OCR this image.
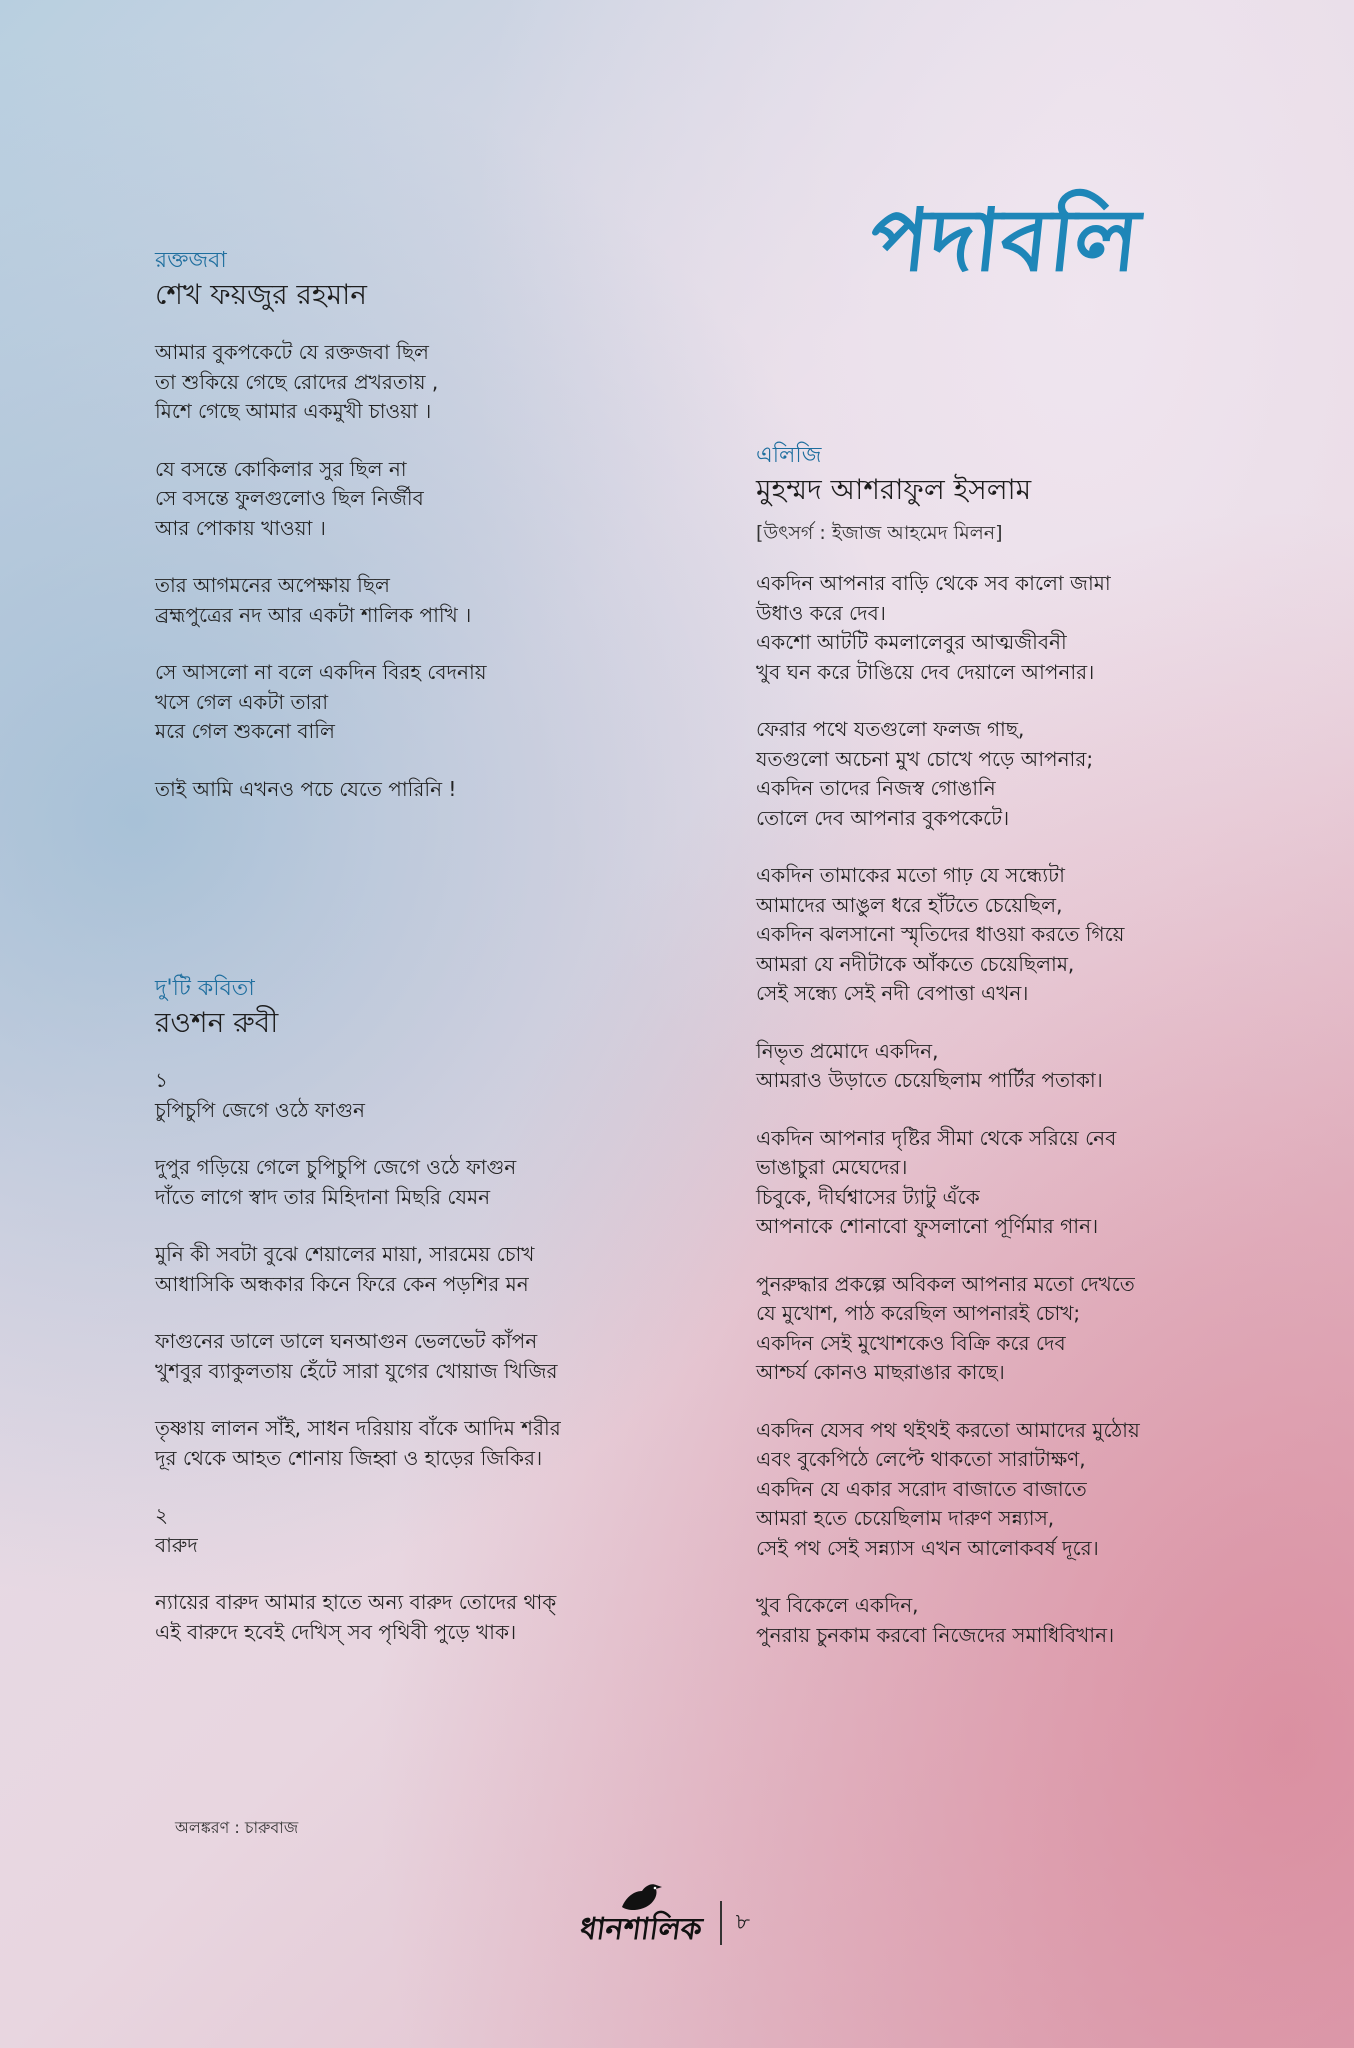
পদাবলি
রক্তজবা
শেখ ফয়জুর রহমান
আমার বুকপকেটে যে রক্তজবা ছিল
তা শুকিয়ে গেছে রোদের প্রখরতায় ,
মিশে গেছে আমার একমুখী চাওয়া ।
যে বসন্তে কোকিলার সুর ছিল না
সে বসন্তে ফুলগুলোও ছিল নির্জীব
আর পোকায় খাওয়া ।
তার আগমনের অপেক্ষায় ছিল
ব্রহ্মপুত্রের নদ আর একটা শালিক পাখি ।
সে আসলো না বলে একদিন বিরহ বেদনায়
খসে গেল একটা তারা
মরে গেল শুকনো বালি
তাই আমি এখনও পচে যেতে পারিনি !
দু'টি কবিতা
রওশন রুবী
১
চুপিচুপি জেগে ওঠে ফাগুন
দুপুর গড়িয়ে গেলে চুপিচুপি জেগে ওঠে ফাগুন
দাঁতে লাগে স্বাদ তার মিহিদানা মিছরি যেমন
মুনি কী সবটা বুঝে শেয়ালের মায়া, সারমেয় চোখ
আধাসিকি অন্ধকার কিনে ফিরে কেন পড়শির মন
ফাগুনের ডালে ডালে ঘনআগুন ভেলভেট কাঁপন
খুশবুর ব্যাকুলতায় হেঁটে সারা যুগের খোয়াজ খিজির
তৃষ্ণায় লালন সাঁই, সাধন দরিয়ায় বাঁকে আদিম শরীর
দূর থেকে আহত শোনায় জিহ্বা ও হাড়ের জিকির।
২
বারুদ
ন্যায়ের বারুদ আমার হাতে অন্য বারুদ তোদের থাক্
এই বারুদে হবেই দেখিস্ সব পৃথিবী পুড়ে খাক।
এলিজি
মুহম্মদ আশরাফুল ইসলাম
[উৎসর্গ : ইজাজ আহমেদ মিলন]
একদিন আপনার বাড়ি থেকে সব কালো জামা
উধাও করে দেব।
একশো আটটি কমলালেবুর আত্মজীবনী
খুব ঘন করে টাঙিয়ে দেব দেয়ালে আপনার।
ফেরার পথে যতগুলো ফলজ গাছ,
যতগুলো অচেনা মুখ চোখে পড়ে আপনার;
একদিন তাদের নিজস্ব গোঙানি
তোলে দেব আপনার বুকপকেটে।
একদিন তামাকের মতো গাঢ় যে সন্ধ্যেটা
আমাদের আঙুল ধরে হাঁটতে চেয়েছিল,
একদিন ঝলসানো স্মৃতিদের ধাওয়া করতে গিয়ে
আমরা যে নদীটাকে আঁকতে চেয়েছিলাম,
সেই সন্ধ্যে সেই নদী বেপাত্তা এখন।
নিভৃত প্রমোদে একদিন,
আমরাও উড়াতে চেয়েছিলাম পার্টির পতাকা।
একদিন আপনার দৃষ্টির সীমা থেকে সরিয়ে নেব
ভাঙাচুরা মেঘেদের।
চিবুকে, দীর্ঘশ্বাসের ট্যাটু এঁকে
আপনাকে শোনাবো ফুসলানো পূর্ণিমার গান।
পুনরুদ্ধার প্রকল্পে অবিকল আপনার মতো দেখতে
যে মুখোশ, পাঠ করেছিল আপনারই চোখ;
একদিন সেই মুখোশকেও বিক্রি করে দেব
আশ্চর্য কোনও মাছরাঙার কাছে।
একদিন যেসব পথ থইথই করতো আমাদের মুঠোয়
এবং বুকেপিঠে লেপ্টে থাকতো সারাটাক্ষণ,
একদিন যে একার সরোদ বাজাতে বাজাতে
আমরা হতে চেয়েছিলাম দারুণ সন্ন্যাস,
সেই পথ সেই সন্ন্যাস এখন আলোকবর্ষ দূরে।
খুব বিকেলে একদিন,
পুনরায় চুনকাম করবো নিজেদের সমাধিবিখান।
অলঙ্করণ : চারুবাজ
ধানশালিক ৮
